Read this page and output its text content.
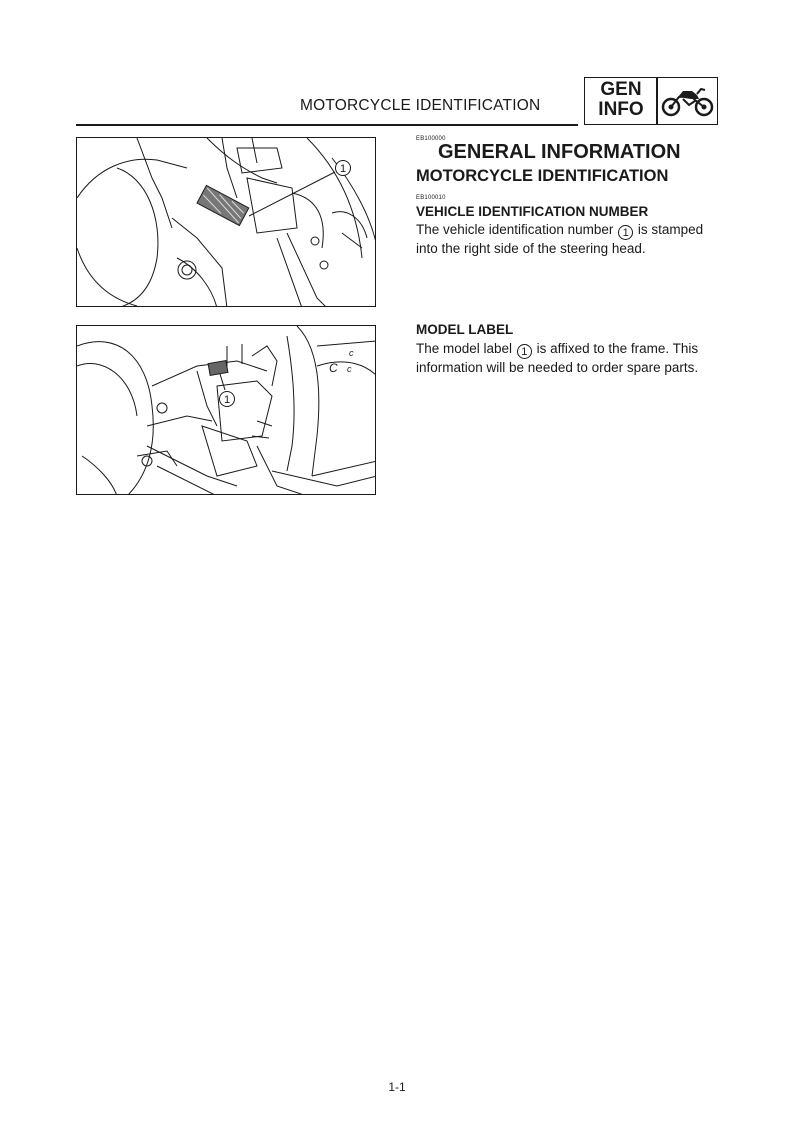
MOTORCYCLE IDENTIFICATION
GEN
INFO
1
c
C c
1
EB100000
GENERAL INFORMATION
MOTORCYCLE IDENTIFICATION
EB100010
VEHICLE IDENTIFICATION NUMBER
The vehicle identification number 1 is stamped into the right side of the steering head.
MODEL LABEL
The model label 1 is affixed to the frame. This information will be needed to order spare parts.
1-1
